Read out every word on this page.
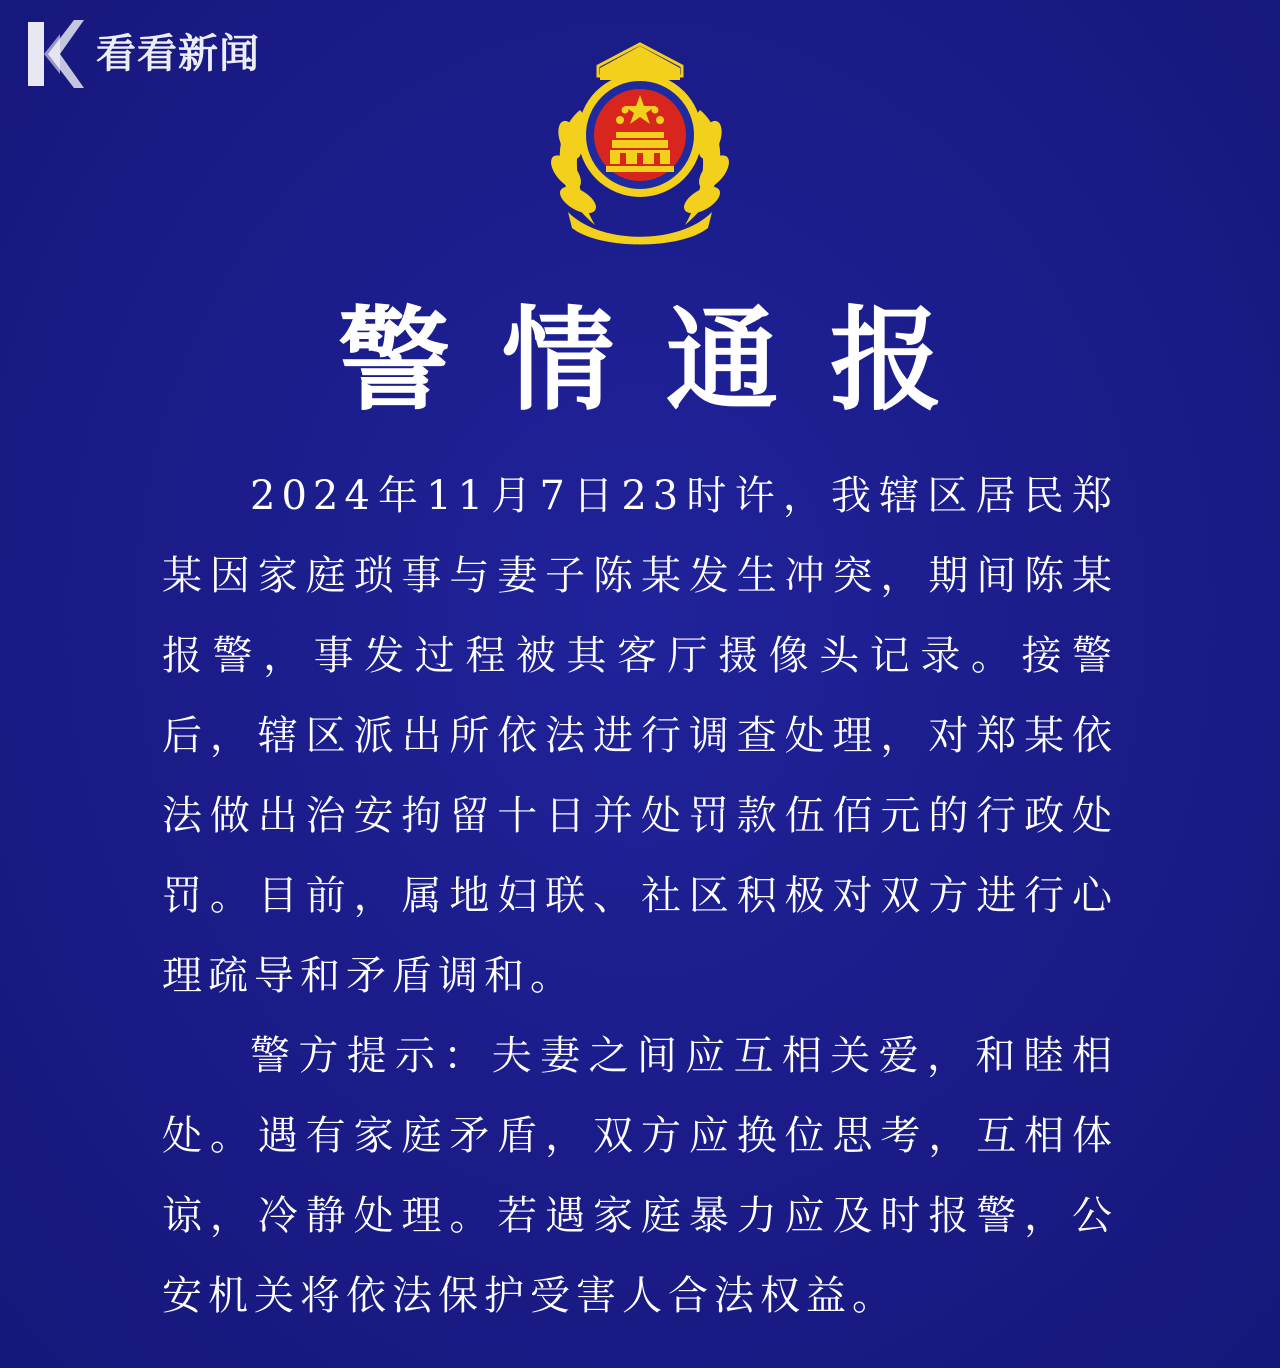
看看新闻
警情通报

2024年11月7日23时许，我辖区居民郑某因家庭琐事与妻子陈某发生冲突，期间陈某报警，事发过程被其客厅摄像头记录。接警后，辖区派出所依法进行调查处理，对郑某依法做出治安拘留十日并处罚款伍佰元的行政处罚。目前，属地妇联、社区积极对双方进行心理疏导和矛盾调和。

警方提示：夫妻之间应互相关爱，和睦相处。遇有家庭矛盾，双方应换位思考，互相体谅，冷静处理。若遇家庭暴力应及时报警，公安机关将依法保护受害人合法权益。
